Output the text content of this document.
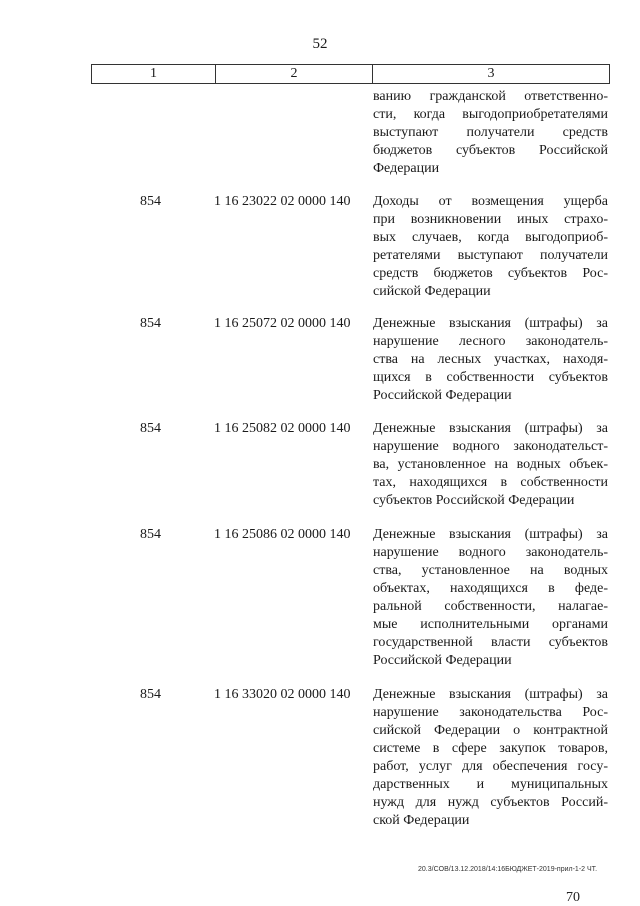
52
1	2	3
ванию гражданской ответственно-
сти, когда выгодоприобретателями
выступают получатели средств
бюджетов субъектов Российской
Федерации
854	1 16 23022 02 0000 140 Доходы от возмещения ущерба
при возникновении иных страхо-
вых случаев, когда выгодоприоб-
ретателями выступают получатели
средств бюджетов субъектов Рос-
сийской Федерации
854	1 16 25072 02 0000 140 Денежные взыскания (штрафы) за
нарушение лесного законодатель-
ства на лесных участках, находя-
щихся в собственности субъектов
Российской Федерации
854	1 16 25082 02 0000 140 Денежные взыскания (штрафы) за
нарушение водного законодательст-
ва, установленное на водных объек-
тах, находящихся в собственности
субъектов Российской Федерации
854	1 16 25086 02 0000 140 Денежные взыскания (штрафы) за
нарушение водного законодатель-
ства, установленное на водных
объектах, находящихся в феде-
ральной собственности, налагае-
мые исполнительными органами
государственной власти субъектов
Российской Федерации
854	1 16 33020 02 0000 140 Денежные взыскания (штрафы) за
нарушение законодательства Рос-
сийской Федерации о контрактной
системе в сфере закупок товаров,
работ, услуг для обеспечения госу-
дарственных и муниципальных
нужд для нужд субъектов Россий-
ской Федерации
20.3/COB/13.12.2018/14:16БЮДЖЕТ-2019-прил-1-2 ЧТ.
70
